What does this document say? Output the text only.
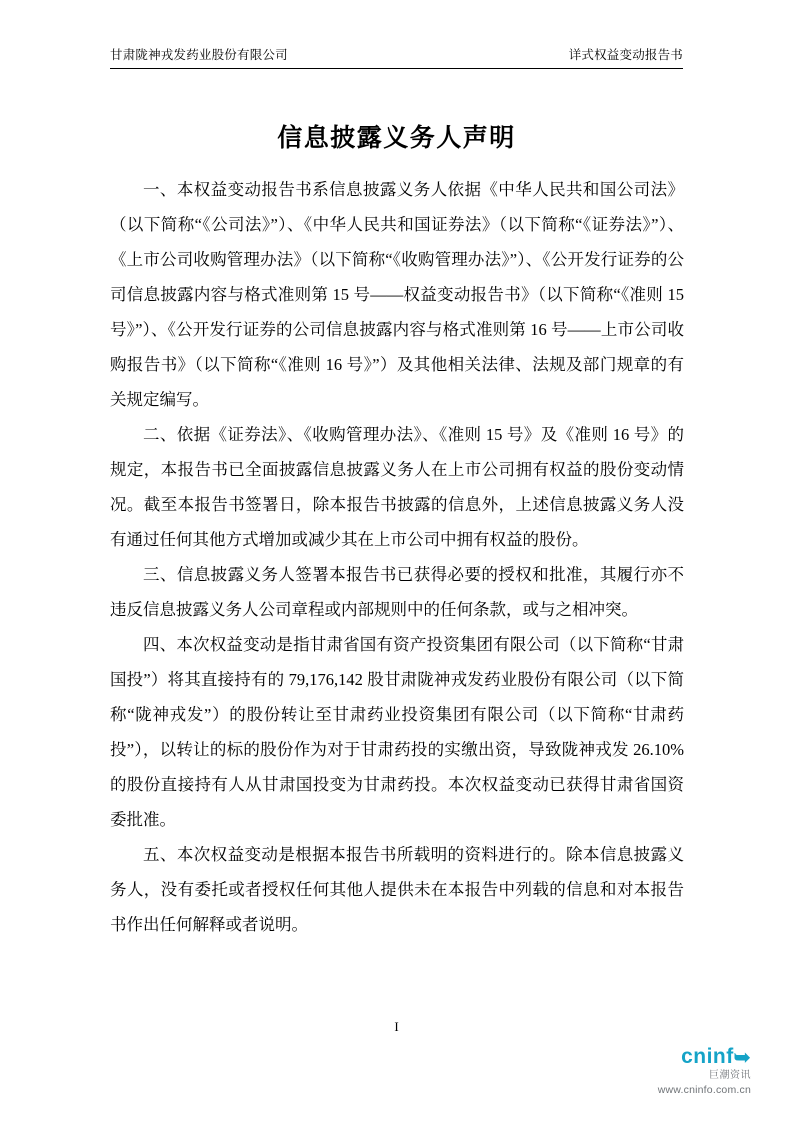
甘肃陇神戎发药业股份有限公司	详式权益变动报告书
信息披露义务人声明

一、本权益变动报告书系信息披露义务人依据《中华人民共和国公司法》（以下简称“《公司法》”）、《中华人民共和国证券法》（以下简称“《证券法》”）、《上市公司收购管理办法》（以下简称“《收购管理办法》”）、《公开发行证券的公司信息披露内容与格式准则第 15 号——权益变动报告书》（以下简称“《准则 15 号》”）、《公开发行证券的公司信息披露内容与格式准则第 16 号——上市公司收购报告书》（以下简称“《准则 16 号》”）及其他相关法律、法规及部门规章的有关规定编写。

二、依据《证券法》、《收购管理办法》、《准则 15 号》及《准则 16 号》的规定，本报告书已全面披露信息披露义务人在上市公司拥有权益的股份变动情况。截至本报告书签署日，除本报告书披露的信息外，上述信息披露义务人没有通过任何其他方式增加或减少其在上市公司中拥有权益的股份。

三、信息披露义务人签署本报告书已获得必要的授权和批准，其履行亦不违反信息披露义务人公司章程或内部规则中的任何条款，或与之相冲突。

四、本次权益变动是指甘肃省国有资产投资集团有限公司（以下简称“甘肃国投”）将其直接持有的 79,176,142 股甘肃陇神戎发药业股份有限公司（以下简称“陇神戎发”）的股份转让至甘肃药业投资集团有限公司（以下简称“甘肃药投”），以转让的标的股份作为对于甘肃药投的实缴出资，导致陇神戎发 26.10%的股份直接持有人从甘肃国投变为甘肃药投。本次权益变动已获得甘肃省国资委批准。

五、本次权益变动是根据本报告书所载明的资料进行的。除本信息披露义务人，没有委托或者授权任何其他人提供未在本报告中列载的信息和对本报告书作出任何解释或者说明。

I
cninf➥
巨潮资讯
www.cninfo.com.cn
